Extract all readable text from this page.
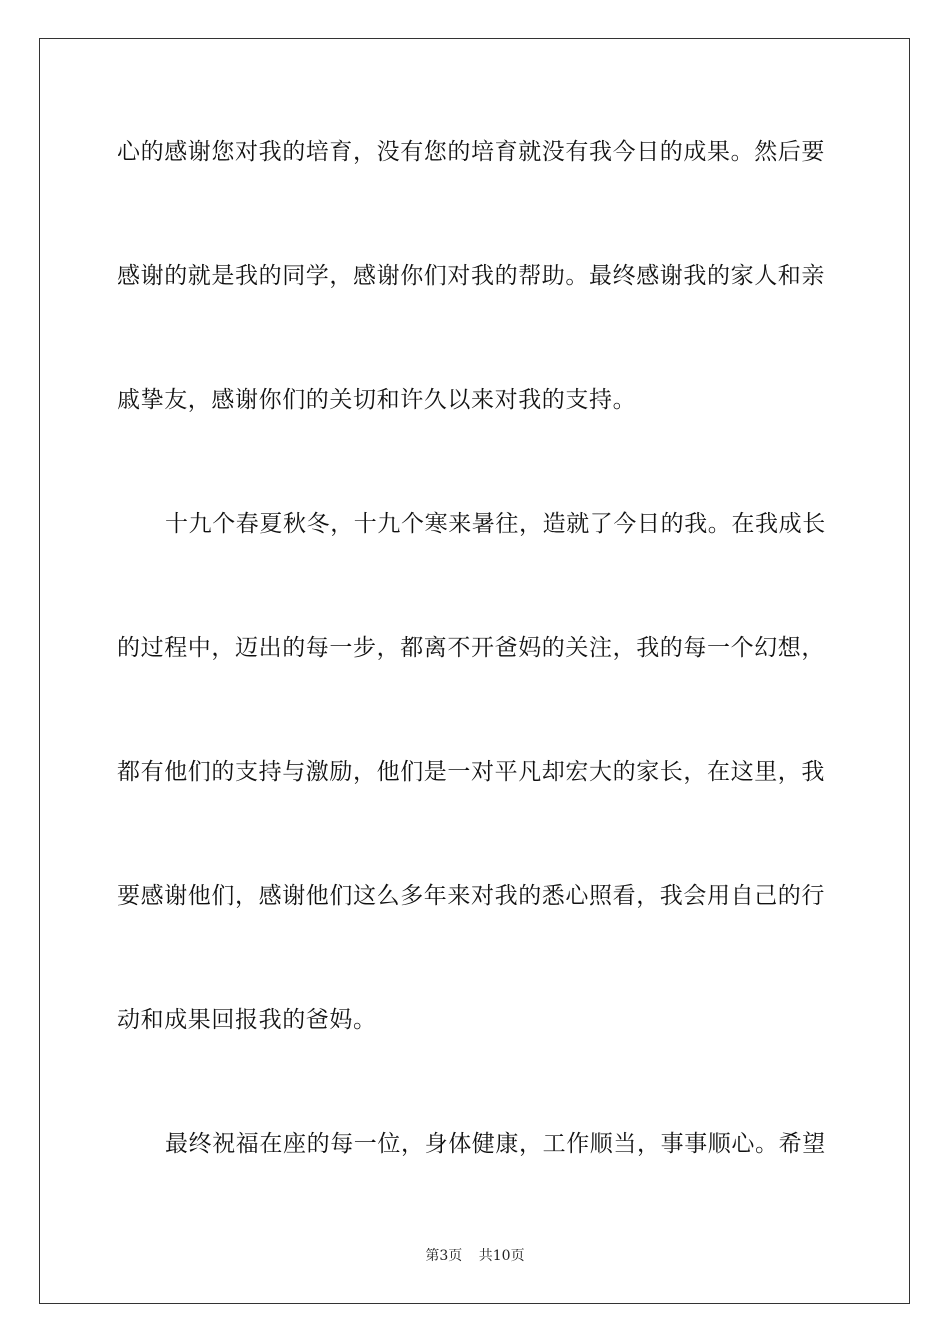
心的感谢您对我的培育，没有您的培育就没有我今日的成果。然后要
感谢的就是我的同学，感谢你们对我的帮助。最终感谢我的家人和亲
戚挚友，感谢你们的关切和许久以来对我的支持。
十九个春夏秋冬，十九个寒来暑往，造就了今日的我。在我成长
的过程中，迈出的每一步，都离不开爸妈的关注，我的每一个幻想，
都有他们的支持与激励，他们是一对平凡却宏大的家长，在这里，我
要感谢他们，感谢他们这么多年来对我的悉心照看，我会用自己的行
动和成果回报我的爸妈。
最终祝福在座的每一位，身体健康，工作顺当，事事顺心。希望
第3页 共10页
